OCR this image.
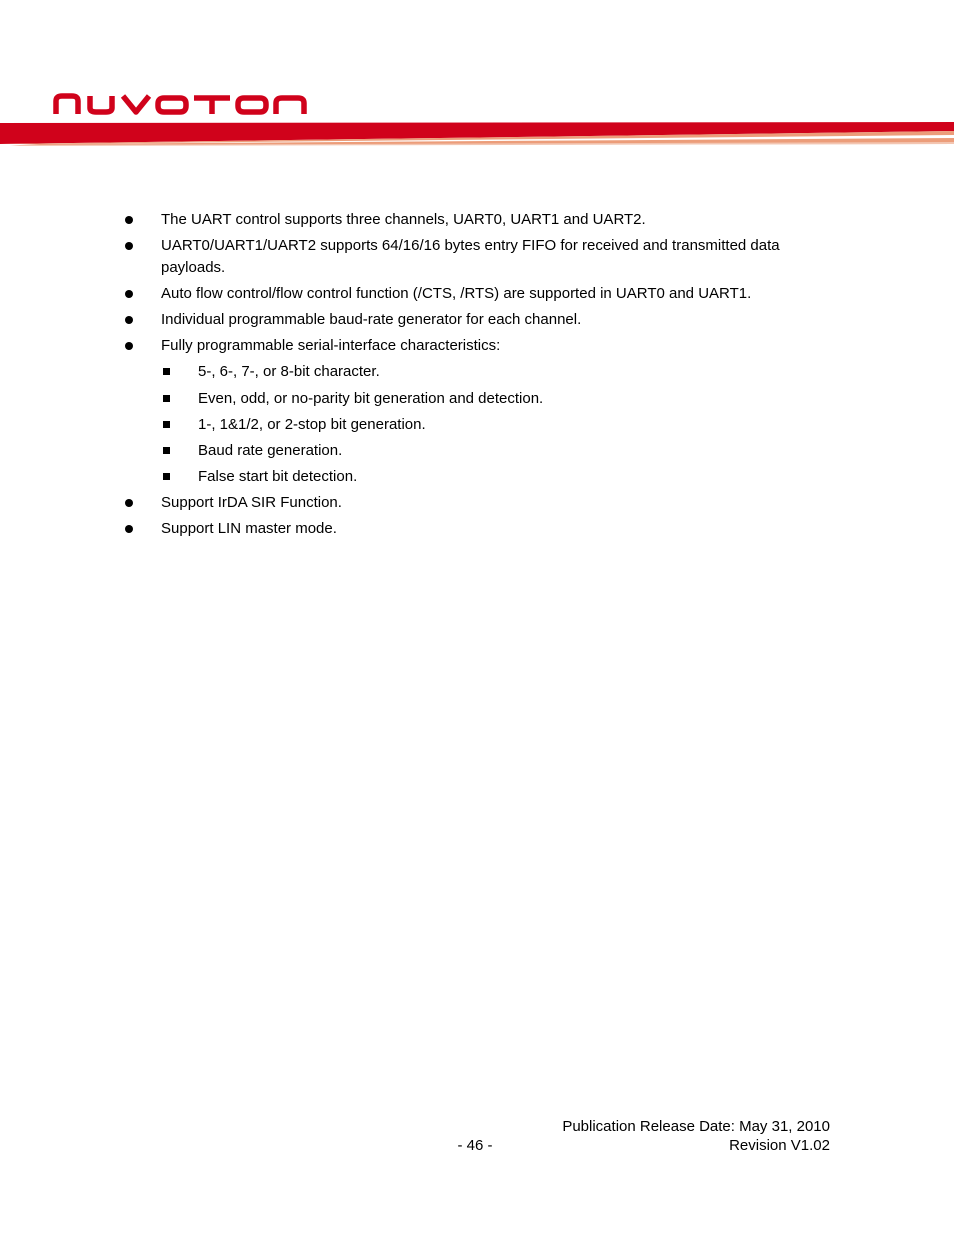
The UART control supports three channels, UART0, UART1 and UART2.
UART0/UART1/UART2 supports 64/16/16 bytes entry FIFO for received and transmitted data payloads.
Auto flow control/flow control function (/CTS, /RTS) are supported in UART0 and UART1.
Individual programmable baud-rate generator for each channel.
Fully programmable serial-interface characteristics:
5-, 6-, 7-, or 8-bit character.
Even, odd, or no-parity bit generation and detection.
1-, 1&1/2, or 2-stop bit generation.
Baud rate generation.
False start bit detection.
Support IrDA SIR Function.
Support LIN master mode.
Publication Release Date: May 31, 2010
- 46 -	Revision V1.02
